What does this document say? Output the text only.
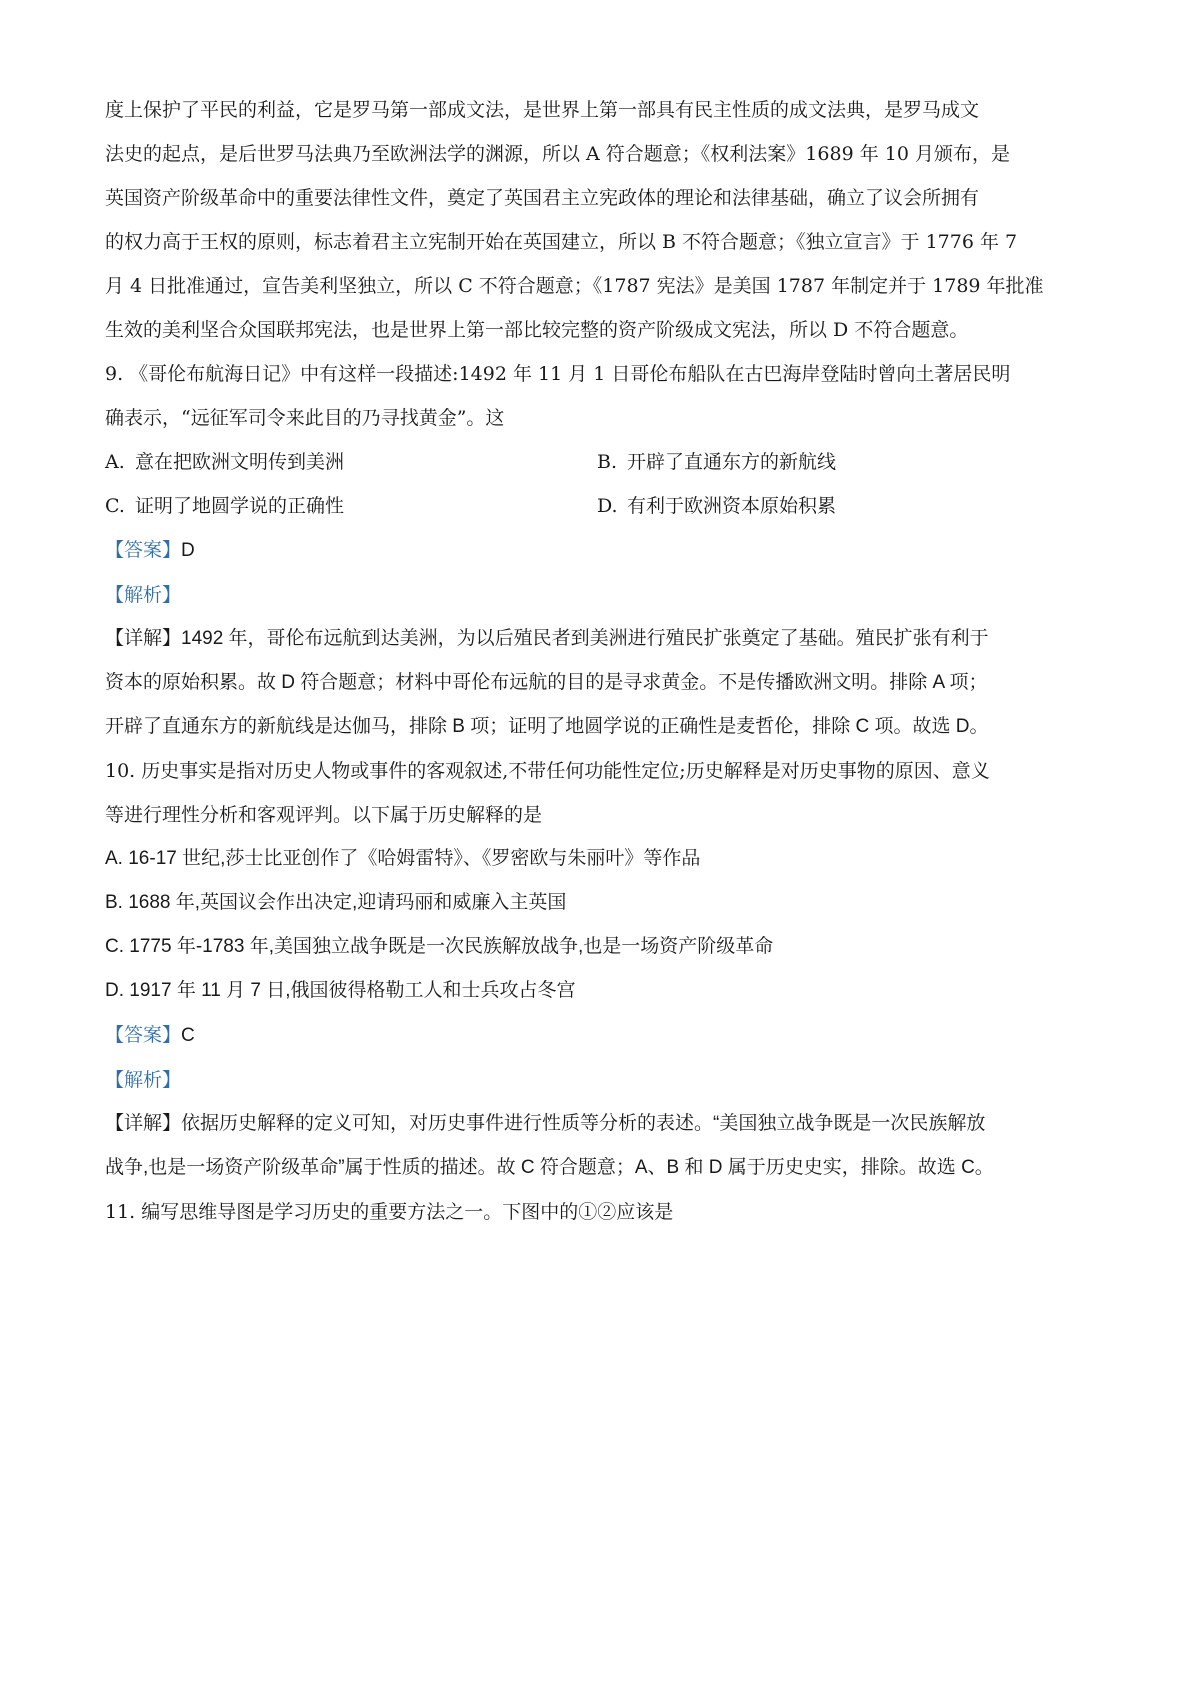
度上保护了平民的利益，它是罗马第一部成文法，是世界上第一部具有民主性质的成文法典，是罗马成文
法史的起点，是后世罗马法典乃至欧洲法学的渊源，所以 A 符合题意；《权利法案》1689 年 10 月颁布，是
英国资产阶级革命中的重要法律性文件，奠定了英国君主立宪政体的理论和法律基础，确立了议会所拥有
的权力高于王权的原则，标志着君主立宪制开始在英国建立，所以 B 不符合题意；《独立宣言》于 1776 年 7
月 4 日批准通过，宣告美利坚独立，所以 C 不符合题意；《1787 宪法》是美国 1787 年制定并于 1789 年批准
生效的美利坚合众国联邦宪法，也是世界上第一部比较完整的资产阶级成文宪法，所以 D 不符合题意。

9. 《哥伦布航海日记》中有这样一段描述:1492 年 11 月 1 日哥伦布船队在古巴海岸登陆时曾向土著居民明
确表示，“远征军司令来此目的乃寻找黄金”。这

A. 意在把欧洲文明传到美洲	B. 开辟了直通东方的新航线
C. 证明了地圆学说的正确性	D. 有利于欧洲资本原始积累

【答案】D

【解析】

【详解】1492 年，哥伦布远航到达美洲，为以后殖民者到美洲进行殖民扩张奠定了基础。殖民扩张有利于
资本的原始积累。故 D 符合题意；材料中哥伦布远航的目的是寻求黄金。不是传播欧洲文明。排除 A 项；
开辟了直通东方的新航线是达伽马，排除 B 项；证明了地圆学说的正确性是麦哲伦，排除 C 项。故选 D。

10. 历史事实是指对历史人物或事件的客观叙述,不带任何功能性定位;历史解释是对历史事物的原因、意义
等进行理性分析和客观评判。以下属于历史解释的是

A. 16-17 世纪,莎士比亚创作了《哈姆雷特》、《罗密欧与朱丽叶》等作品
B. 1688 年,英国议会作出决定,迎请玛丽和威廉入主英国
C. 1775 年-1783 年,美国独立战争既是一次民族解放战争,也是一场资产阶级革命
D. 1917 年 11 月 7 日,俄国彼得格勒工人和士兵攻占冬宫

【答案】C

【解析】

【详解】依据历史解释的定义可知，对历史事件进行性质等分析的表述。“美国独立战争既是一次民族解放
战争,也是一场资产阶级革命”属于性质的描述。故 C 符合题意；A、B 和 D 属于历史史实，排除。故选 C。

11. 编写思维导图是学习历史的重要方法之一。下图中的①②应该是
